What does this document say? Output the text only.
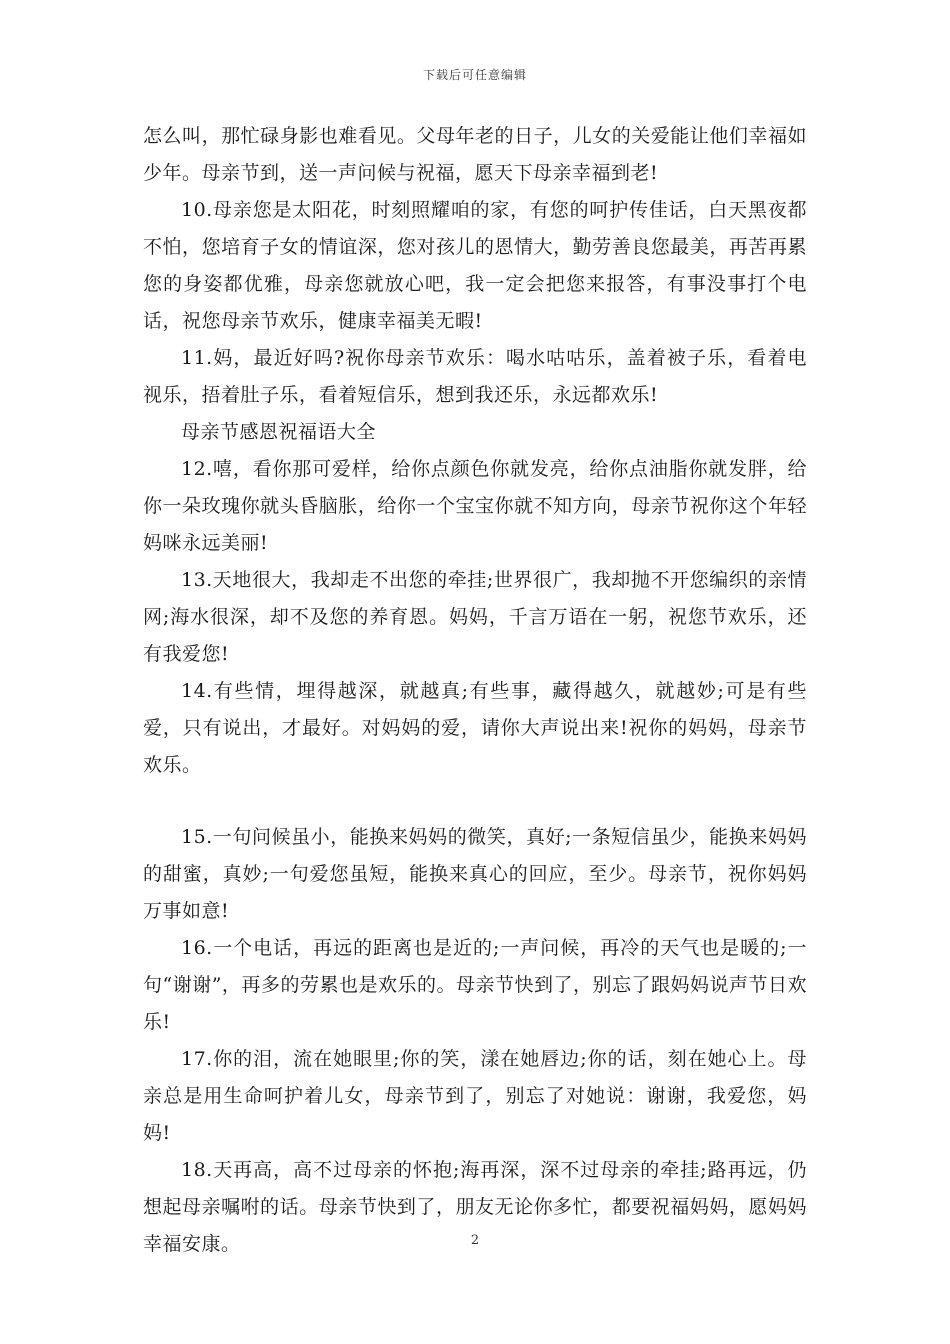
下载后可任意编辑

怎么叫，那忙碌身影也难看见。父母年老的日子，儿女的关爱能让他们幸福如少年。母亲节到，送一声问候与祝福，愿天下母亲幸福到老!

10.母亲您是太阳花，时刻照耀咱的家，有您的呵护传佳话，白天黑夜都不怕，您培育子女的情谊深，您对孩儿的恩情大，勤劳善良您最美，再苦再累您的身姿都优雅，母亲您就放心吧，我一定会把您来报答，有事没事打个电话，祝您母亲节欢乐，健康幸福美无暇!

11.妈，最近好吗?祝你母亲节欢乐：喝水咕咕乐，盖着被子乐，看着电视乐，捂着肚子乐，看着短信乐，想到我还乐，永远都欢乐!

母亲节感恩祝福语大全

12.嘻，看你那可爱样，给你点颜色你就发亮，给你点油脂你就发胖，给你一朵玫瑰你就头昏脑胀，给你一个宝宝你就不知方向，母亲节祝你这个年轻妈咪永远美丽!

13.天地很大，我却走不出您的牵挂;世界很广，我却抛不开您编织的亲情网;海水很深，却不及您的养育恩。妈妈，千言万语在一躬，祝您节欢乐，还有我爱您!

14.有些情，埋得越深，就越真;有些事，藏得越久，就越妙;可是有些爱，只有说出，才最好。对妈妈的爱，请你大声说出来!祝你的妈妈，母亲节欢乐。

15.一句问候虽小，能换来妈妈的微笑，真好;一条短信虽少，能换来妈妈的甜蜜，真妙;一句爱您虽短，能换来真心的回应，至少。母亲节，祝你妈妈万事如意!

16.一个电话，再远的距离也是近的;一声问候，再冷的天气也是暖的;一句“谢谢”，再多的劳累也是欢乐的。母亲节快到了，别忘了跟妈妈说声节日欢乐!

17.你的泪，流在她眼里;你的笑，漾在她唇边;你的话，刻在她心上。母亲总是用生命呵护着儿女，母亲节到了，别忘了对她说：谢谢，我爱您，妈妈!

18.天再高，高不过母亲的怀抱;海再深，深不过母亲的牵挂;路再远，仍想起母亲嘱咐的话。母亲节快到了，朋友无论你多忙，都要祝福妈妈，愿妈妈幸福安康。	2
